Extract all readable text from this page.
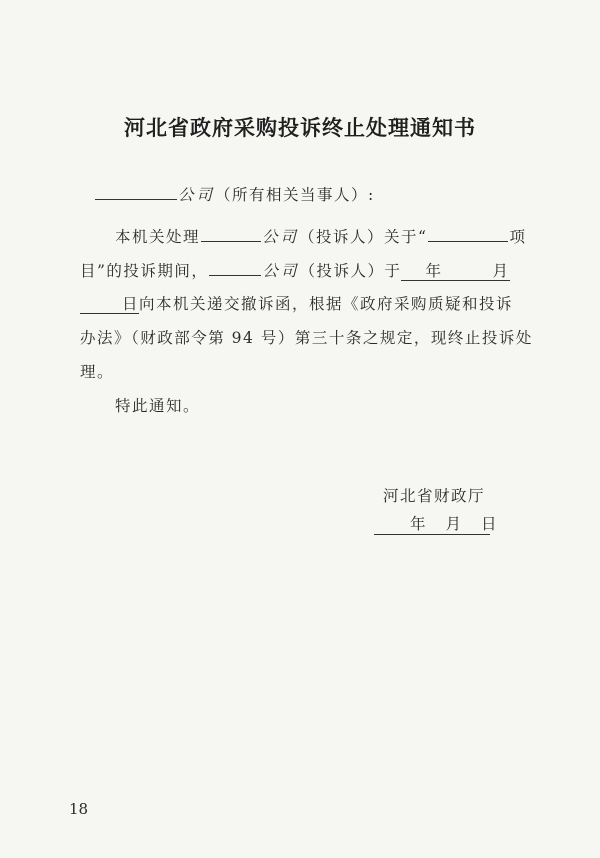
河北省政府采购投诉终止处理通知书
公司（所有相关当事人）:
本机关处理	公司（投诉人）关于“	项
目”的投诉期间，	公司（投诉人）于 年	月
日向本机关递交撤诉函，根据《政府采购质疑和投诉
办法》（财政部令第 94 号）第三十条之规定，现终止投诉处
理。
特此通知。
河北省财政厅
年 月 日
18
